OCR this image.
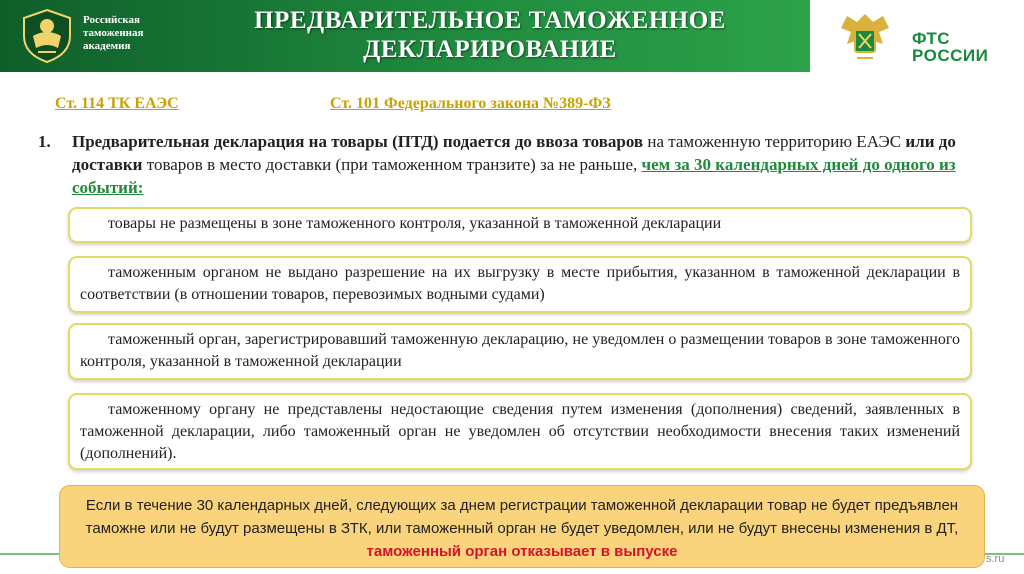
Российская
таможенная
академия
ПРЕДВАРИТЕЛЬНОЕ ТАМОЖЕННОЕ
ДЕКЛАРИРОВАНИЕ	ФТС
РОССИИ
Ст. 114 ТК ЕАЭС	Ст. 101 Федерального закона №389-ФЗ
1. Предварительная декларация на товары (ПТД) подается до ввоза товаров на таможенную территорию ЕАЭС или до доставки товаров в место доставки (при таможенном транзите) за не раньше, чем за 30 календарных дней до одного из событий:

товары не размещены в зоне таможенного контроля, указанной в таможенной декларации

таможенным органом не выдано разрешение на их выгрузку в месте прибытия, указанном в таможенной декларации в соответствии (в отношении товаров, перевозимых водными судами)

таможенный орган, зарегистрировавший таможенную декларацию, не уведомлен о размещении товаров в зоне таможенного контроля, указанной в таможенной декларации

таможенному органу не представлены недостающие сведения путем изменения (дополнения) сведений, заявленных в таможенной декларации, либо таможенный орган не уведомлен об отсутствии необходимости внесения таких изменений (дополнений).

Если в течение 30 календарных дней, следующих за днем регистрации таможенной декларации товар не будет предъявлен таможне или не будут размещены в ЗТК, или таможенный орган не будет уведомлен, или не будут внесены изменения в ДТ, таможенный орган отказывает в выпуске	s.ru
